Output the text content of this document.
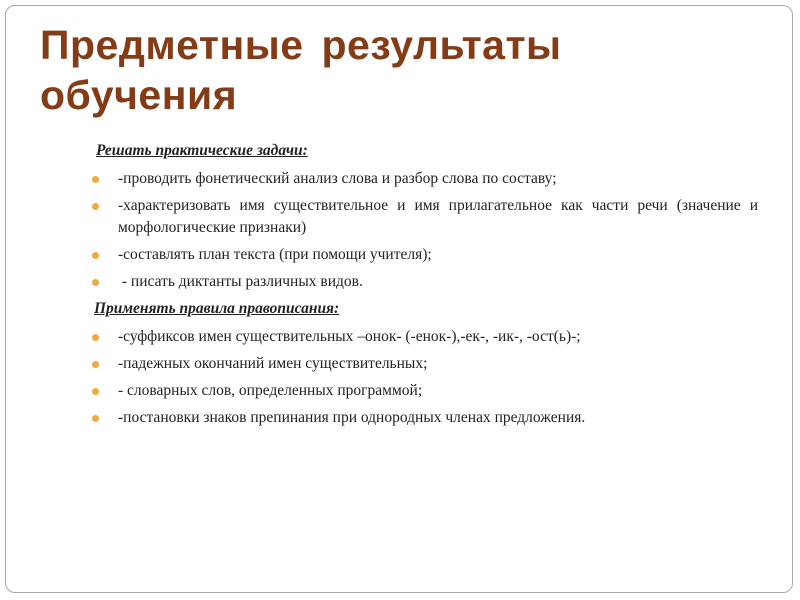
Предметные результаты обучения
Решать практические задачи:
-проводить фонетический анализ слова и разбор слова по составу;
-характеризовать имя существительное и имя прилагательное как части речи (значение и морфологические признаки)
-составлять план текста (при помощи учителя);
- писать диктанты различных видов.
Применять правила правописания:
-суффиксов имен существительных –онок- (-енок-),-ек-, -ик-, -ост(ь)-;
-падежных окончаний имен существительных;
- словарных слов, определенных программой;
-постановки знаков препинания при однородных членах предложения.
